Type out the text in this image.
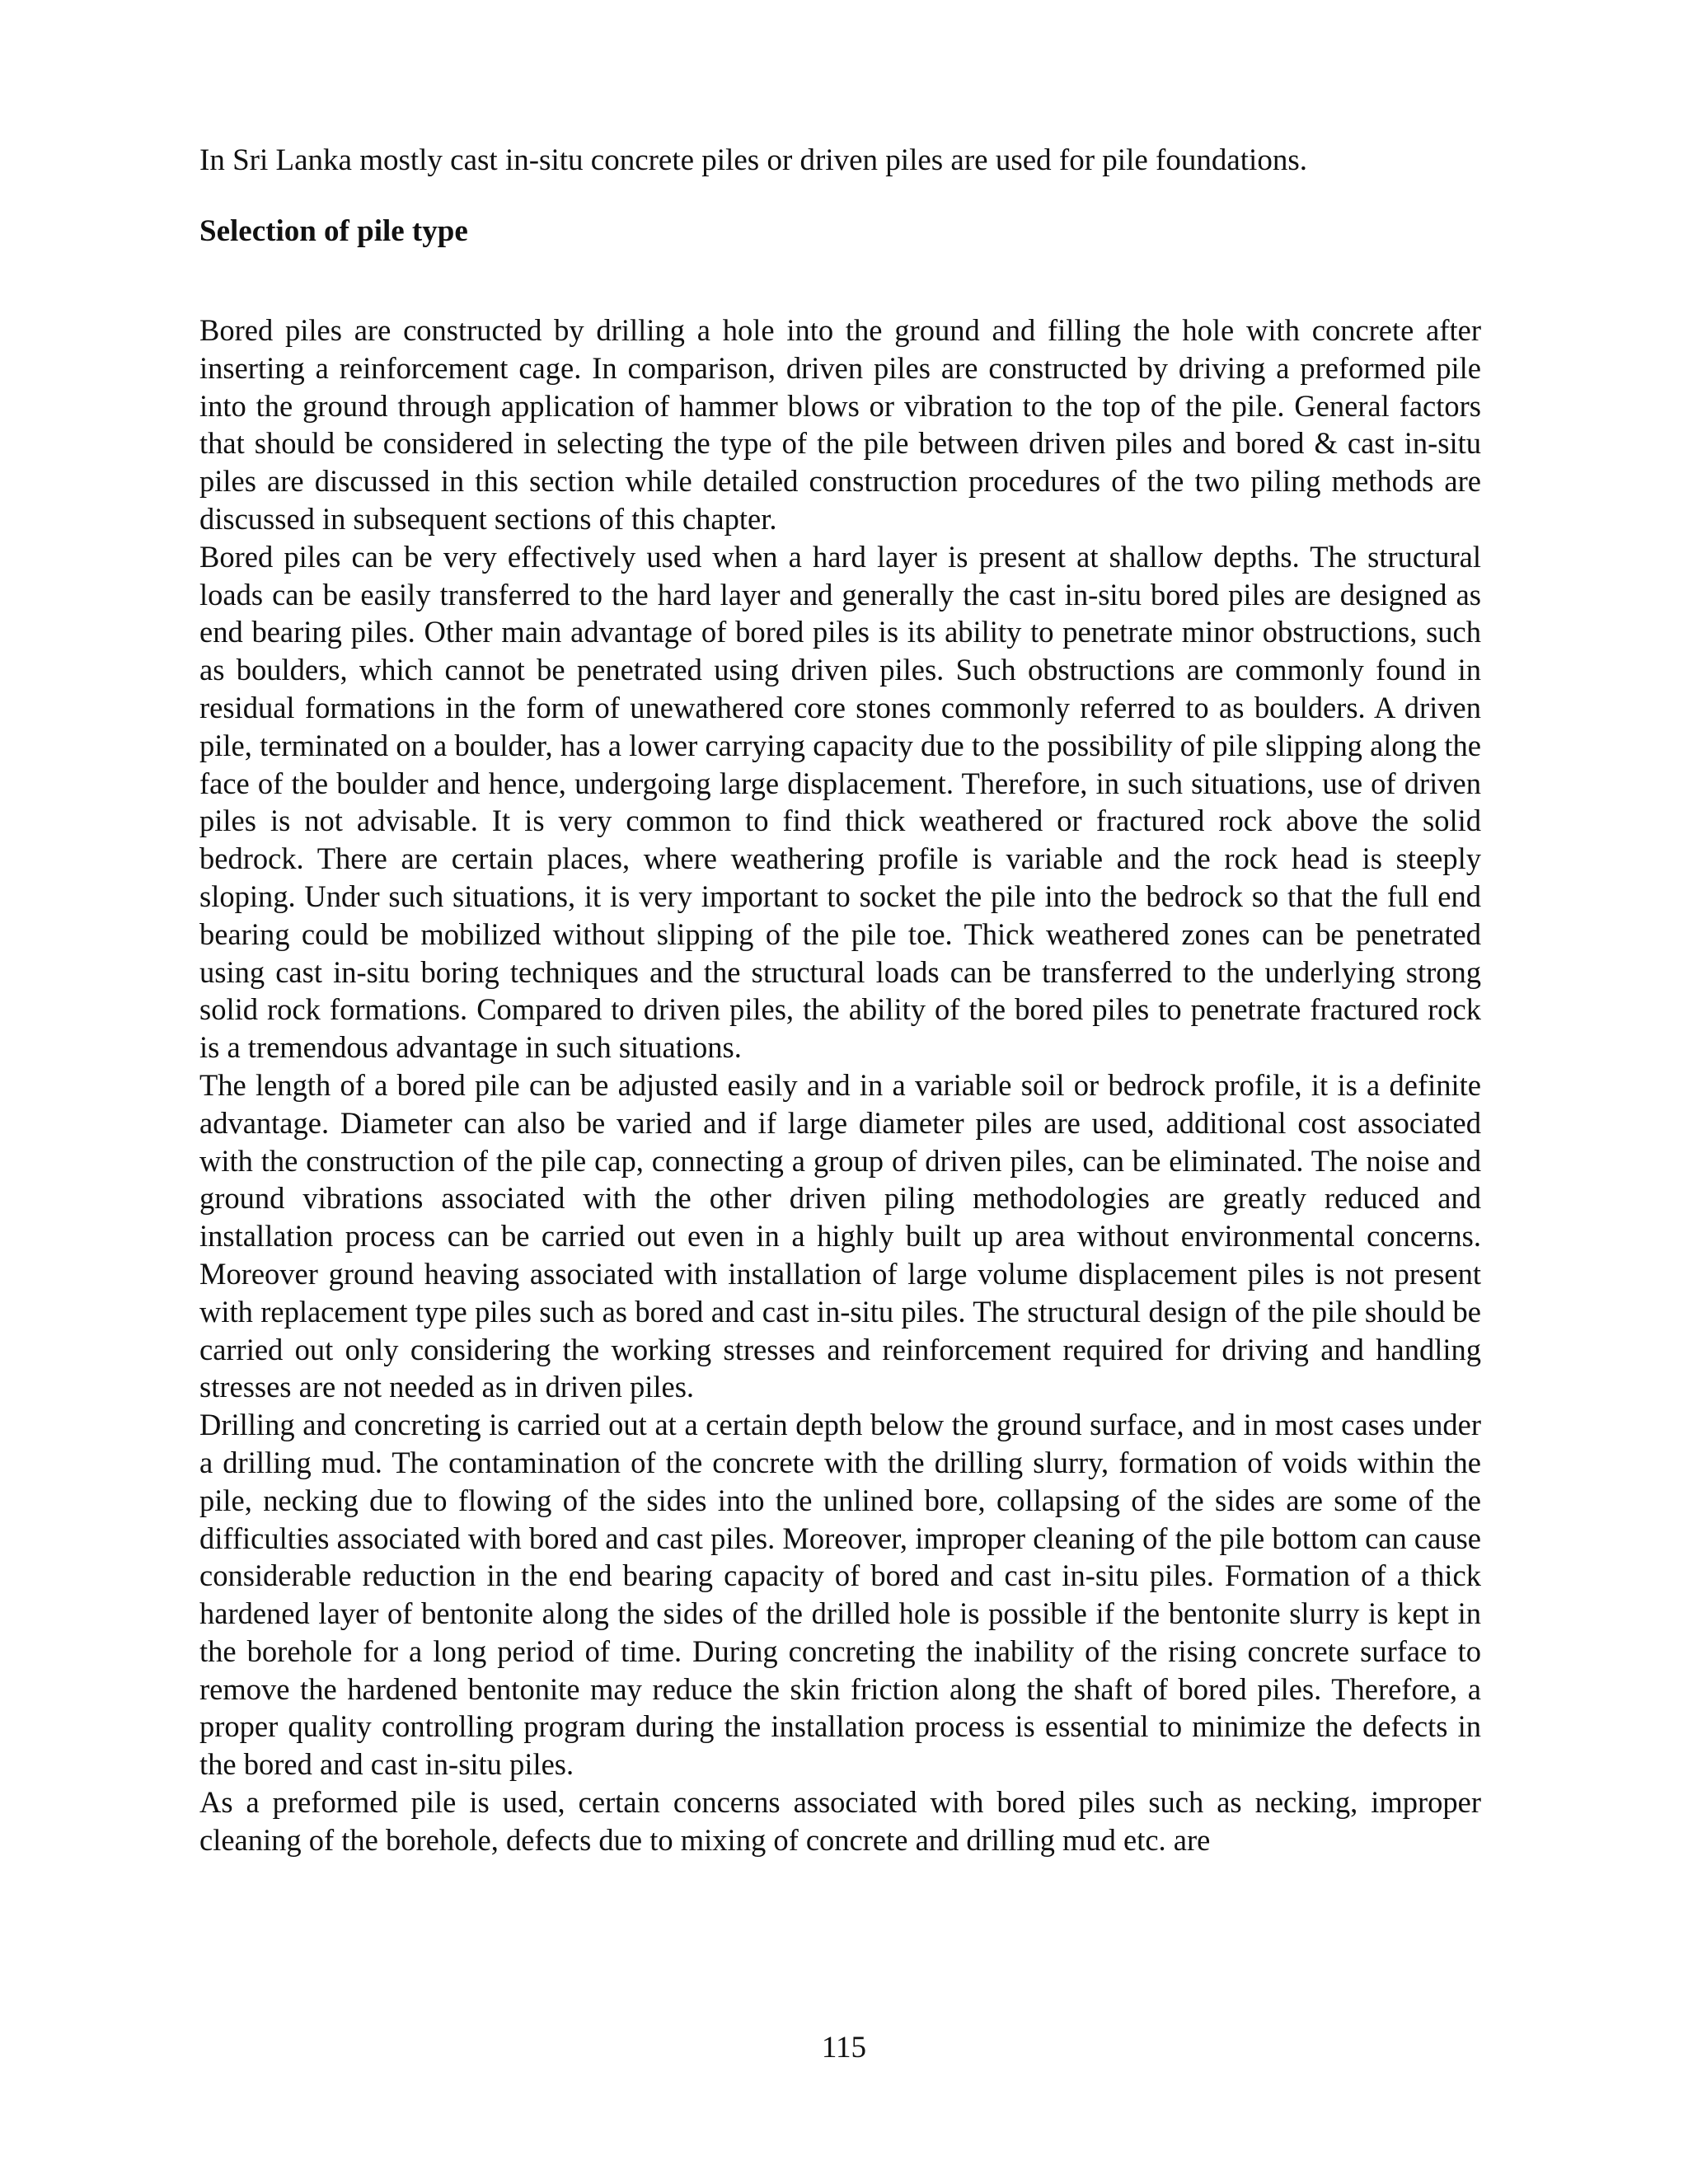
In Sri Lanka mostly cast in-situ concrete piles or driven piles are used for pile foundations.

Selection of pile type

Bored piles are constructed by drilling a hole into the ground and filling the hole with concrete after inserting a reinforcement cage. In comparison, driven piles are constructed by driving a preformed pile into the ground through application of hammer blows or vibration to the top of the pile. General factors that should be considered in selecting the type of the pile between driven piles and bored & cast in-situ piles are discussed in this section while detailed construction procedures of the two piling methods are discussed in subsequent sections of this chapter.

Bored piles can be very effectively used when a hard layer is present at shallow depths. The structural loads can be easily transferred to the hard layer and generally the cast in-situ bored piles are designed as end bearing piles. Other main advantage of bored piles is its ability to penetrate minor obstructions, such as boulders, which cannot be penetrated using driven piles. Such obstructions are commonly found in residual formations in the form of unewathered core stones commonly referred to as boulders. A driven pile, terminated on a boulder, has a lower carrying capacity due to the possibility of pile slipping along the face of the boulder and hence, undergoing large displacement. Therefore, in such situations, use of driven piles is not advisable. It is very common to find thick weathered or fractured rock above the solid bedrock. There are certain places, where weathering profile is variable and the rock head is steeply sloping. Under such situations, it is very important to socket the pile into the bedrock so that the full end bearing could be mobilized without slipping of the pile toe. Thick weathered zones can be penetrated using cast in-situ boring techniques and the structural loads can be transferred to the underlying strong solid rock formations. Compared to driven piles, the ability of the bored piles to penetrate fractured rock is a tremendous advantage in such situations.

The length of a bored pile can be adjusted easily and in a variable soil or bedrock profile, it is a definite advantage. Diameter can also be varied and if large diameter piles are used, additional cost associated with the construction of the pile cap, connecting a group of driven piles, can be eliminated. The noise and ground vibrations associated with the other driven piling methodologies are greatly reduced and installation process can be carried out even in a highly built up area without environmental concerns. Moreover ground heaving associated with installation of large volume displacement piles is not present with replacement type piles such as bored and cast in-situ piles. The structural design of the pile should be carried out only considering the working stresses and reinforcement required for driving and handling stresses are not needed as in driven piles.

Drilling and concreting is carried out at a certain depth below the ground surface, and in most cases under a drilling mud. The contamination of the concrete with the drilling slurry, formation of voids within the pile, necking due to flowing of the sides into the unlined bore, collapsing of the sides are some of the difficulties associated with bored and cast piles. Moreover, improper cleaning of the pile bottom can cause considerable reduction in the end bearing capacity of bored and cast in-situ piles. Formation of a thick hardened layer of bentonite along the sides of the drilled hole is possible if the bentonite slurry is kept in the borehole for a long period of time. During concreting the inability of the rising concrete surface to remove the hardened bentonite may reduce the skin friction along the shaft of bored piles. Therefore, a proper quality controlling program during the installation process is essential to minimize the defects in the bored and cast in-situ piles.

As a preformed pile is used, certain concerns associated with bored piles such as necking, improper cleaning of the borehole, defects due to mixing of concrete and drilling mud etc. are

115
